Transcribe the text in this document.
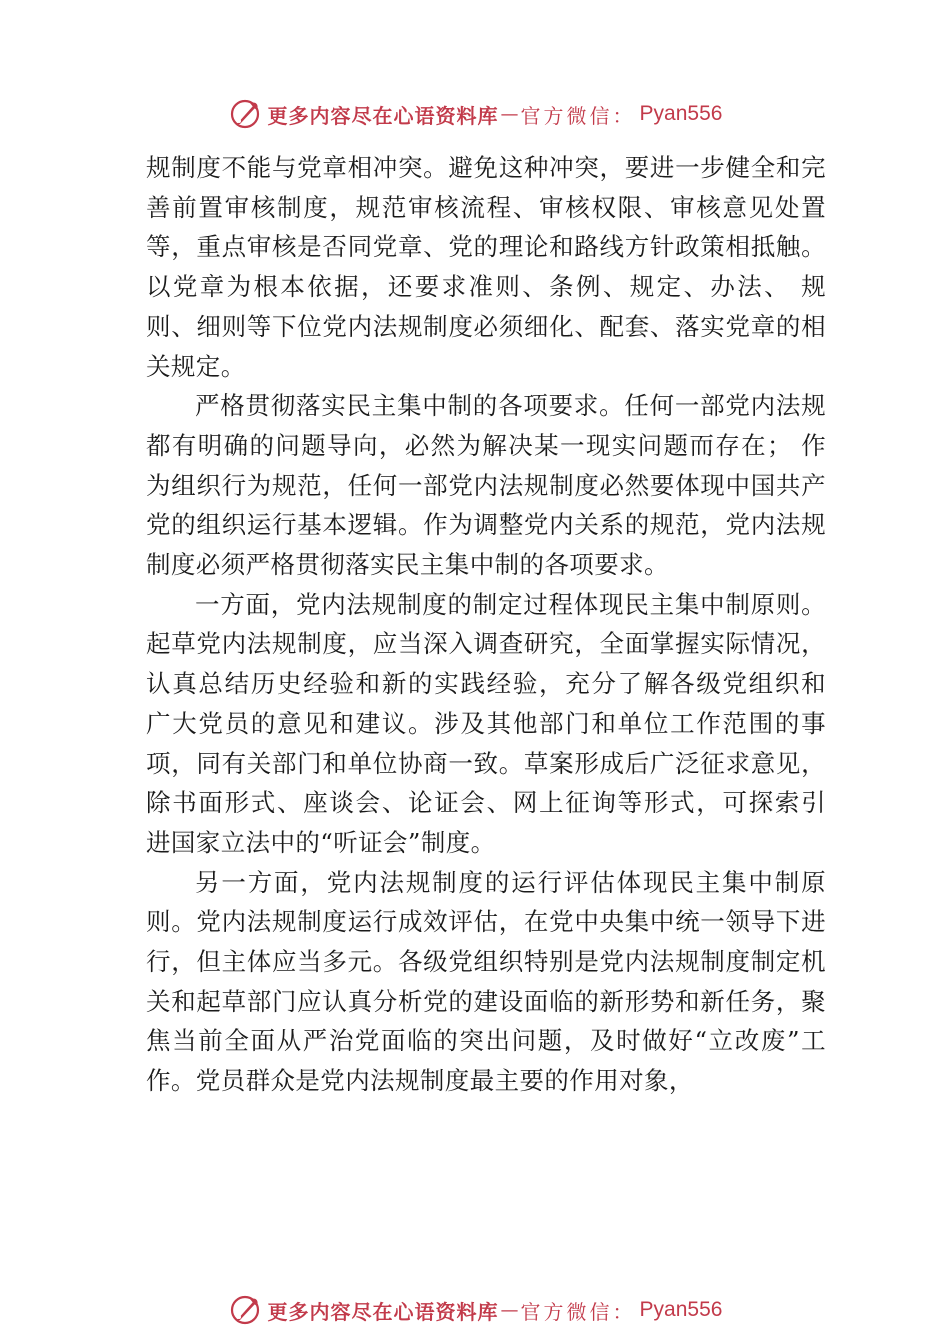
更多内容尽在心语资料库 — 官方微信： Pyan556

规制度不能与党章相冲突。避免这种冲突，要进一步健全和完善前置审核制度，规范审核流程、审核权限、审核意见处置等，重点审核是否同党章、党的理论和路线方针政策相抵触。以党章为根本依据，还要求准则、条例、规定、办法、 规则、细则等下位党内法规制度必须细化、配套、落实党章的相关规定。

严格贯彻落实民主集中制的各项要求。任何一部党内法规都有明确的问题导向，必然为解决某一现实问题而存在； 作为组织行为规范，任何一部党内法规制度必然要体现中国共产党的组织运行基本逻辑。作为调整党内关系的规范，党内法规制度必须严格贯彻落实民主集中制的各项要求。

一方面，党内法规制度的制定过程体现民主集中制原则。起草党内法规制度，应当深入调查研究，全面掌握实际情况，认真总结历史经验和新的实践经验，充分了解各级党组织和 广大党员的意见和建议。涉及其他部门和单位工作范围的事 项，同有关部门和单位协商一致。草案形成后广泛征求意见， 除书面形式、座谈会、论证会、网上征询等形式，可探索引 进国家立法中的“听证会”制度。

另一方面，党内法规制度的运行评估体现民主集中制原则。党内法规制度运行成效评估，在党中央集中统一领导下进行，但主体应当多元。各级党组织特别是党内法规制度制定机关和起草部门应认真分析党的建设面临的新形势和新任务，聚焦当前全面从严治党面临的突出问题，及时做好“立改废”工作。党员群众是党内法规制度最主要的作用对象，

更多内容尽在心语资料库 — 官方微信： Pyan556
